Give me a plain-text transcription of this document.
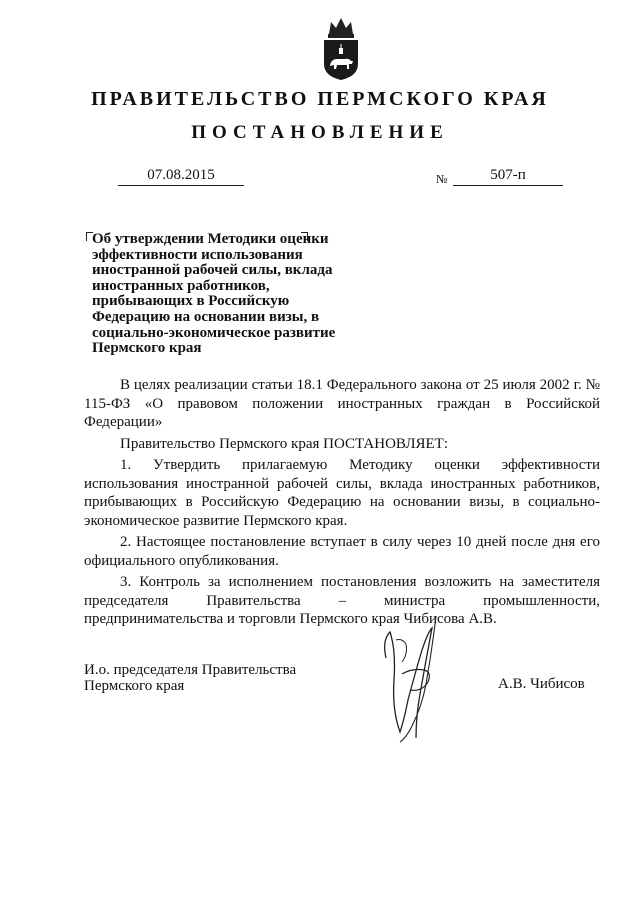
ПРАВИТЕЛЬСТВО ПЕРМСКОГО КРАЯ
ПОСТАНОВЛЕНИЕ
07.08.2015	№	507-п
Об утверждении Методики оценки эффективности использования иностранной рабочей силы, вклада иностранных работников, прибывающих в Российскую Федерацию на основании визы, в социально-экономическое развитие Пермского края

В целях реализации статьи 18.1 Федерального закона от 25 июля 2002 г. № 115-ФЗ «О правовом положении иностранных граждан в Российской Федерации»

Правительство Пермского края ПОСТАНОВЛЯЕТ:

1. Утвердить прилагаемую Методику оценки эффективности использования иностранной рабочей силы, вклада иностранных работников, прибывающих в Российскую Федерацию на основании визы, в социально-экономическое развитие Пермского края.

2. Настоящее постановление вступает в силу через 10 дней после дня его официального опубликования.

3. Контроль за исполнением постановления возложить на заместителя председателя Правительства – министра промышленности, предпринимательства и торговли Пермского края Чибисова А.В.

И.о. председателя Правительства
Пермского края	А.В. Чибисов
